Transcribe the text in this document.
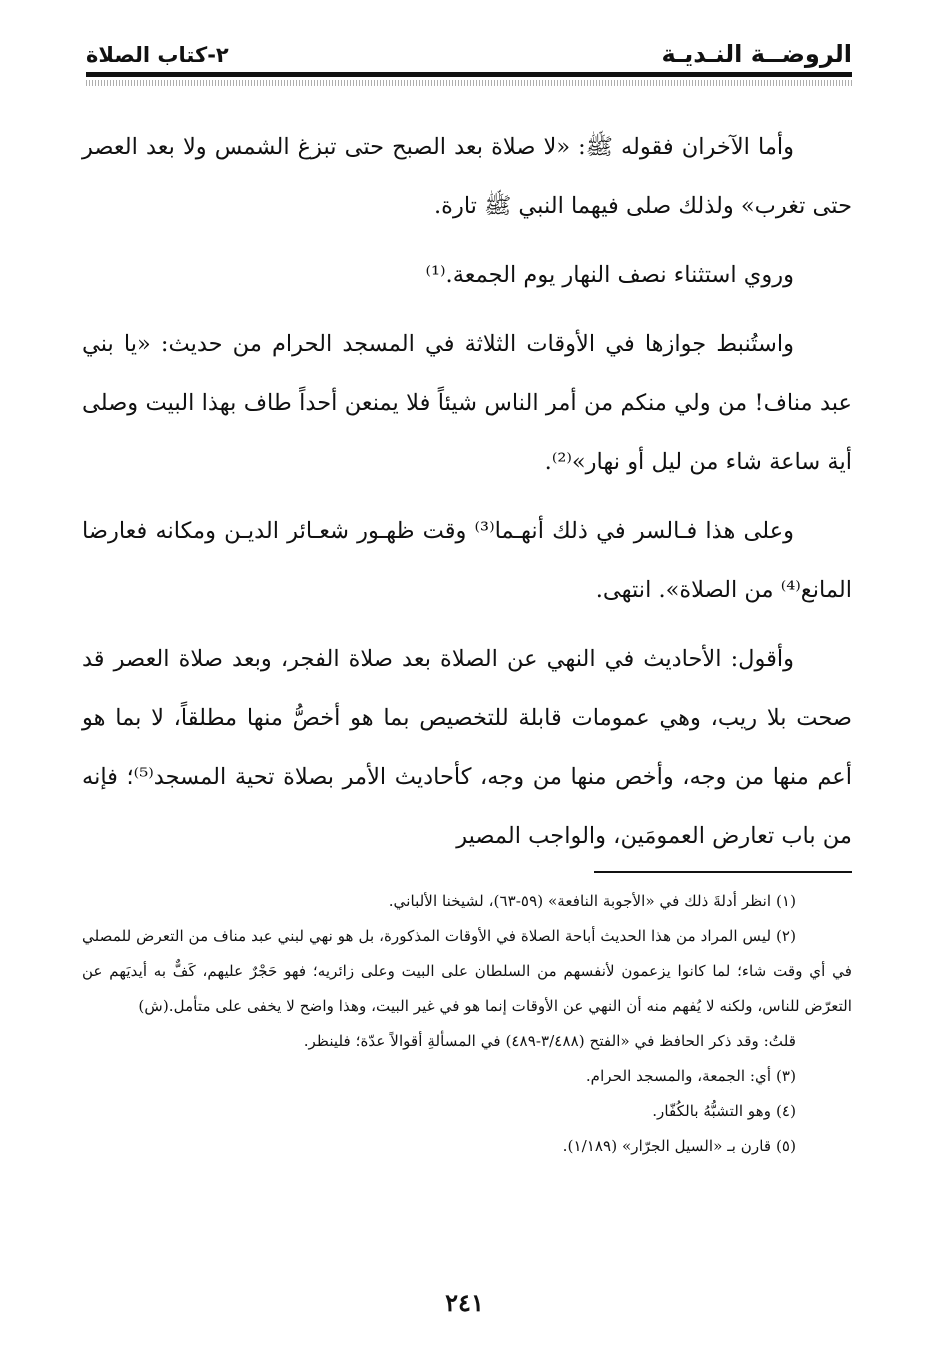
الروضــة النـديـة
٢-كتاب الصلاة

وأما الآخران فقوله ﷺ: «لا صلاة بعد الصبح حتى تبزغ الشمس ولا بعد العصر حتى تغرب» ولذلك صلى فيهما النبي ﷺ تارة.

وروي استثناء نصف النهار يوم الجمعة.⁽¹⁾

واستُنبط جوازها في الأوقات الثلاثة في المسجد الحرام من حديث: «يا بني عبد مناف! من ولي منكم من أمر الناس شيئاً فلا يمنعن أحداً طاف بهذا البيت وصلى أية ساعة شاء من ليل أو نهار»⁽²⁾.

وعلى هذا فـالسر في ذلك أنهـما⁽³⁾ وقت ظهـور شعـائر الديـن ومكانه فعارضا المانع⁽⁴⁾ من الصلاة». انتهى.

وأقول: الأحاديث في النهي عن الصلاة بعد صلاة الفجر، وبعد صلاة العصر قد صحت بلا ريب، وهي عمومات قابلة للتخصيص بما هو أخصُّ منها مطلقاً، لا بما هو أعم منها من وجه، وأخص منها من وجه، كأحاديث الأمر بصلاة تحية المسجد⁽⁵⁾؛ فإنه من باب تعارض العمومَين، والواجب المصير

(١) انظر أدلةَ ذلك في «الأجوبة النافعة» (٥٩-٦٣)، لشيخنا الألباني.

(٢) ليس المراد من هذا الحديث أباحة الصلاة في الأوقات المذكورة، بل هو نهي لبني عبد مناف من التعرض للمصلي في أي وقت شاء؛ لما كانوا يزعمون لأنفسهم من السلطان على البيت وعلى زائريه؛ فهو حَجْرٌ عليهم، كَفٌّ به أيديَهم عن التعرّض للناس، ولكنه لا يُفهم منه أن النهي عن الأوقات إنما هو في غير البيت، وهذا واضح لا يخفى على متأمل.(ش)

قلتُ: وقد ذكر الحافظ في «الفتح (٣/٤٨٨-٤٨٩) في المسألةِ أقوالاً عدّة؛ فلينظر.

(٣) أي: الجمعة، والمسجد الحرام.

(٤) وهو التشبُّهُ بالكُفّار.

(٥) قارن بـ «السيل الجرّار» (١/١٨٩).

٢٤١
